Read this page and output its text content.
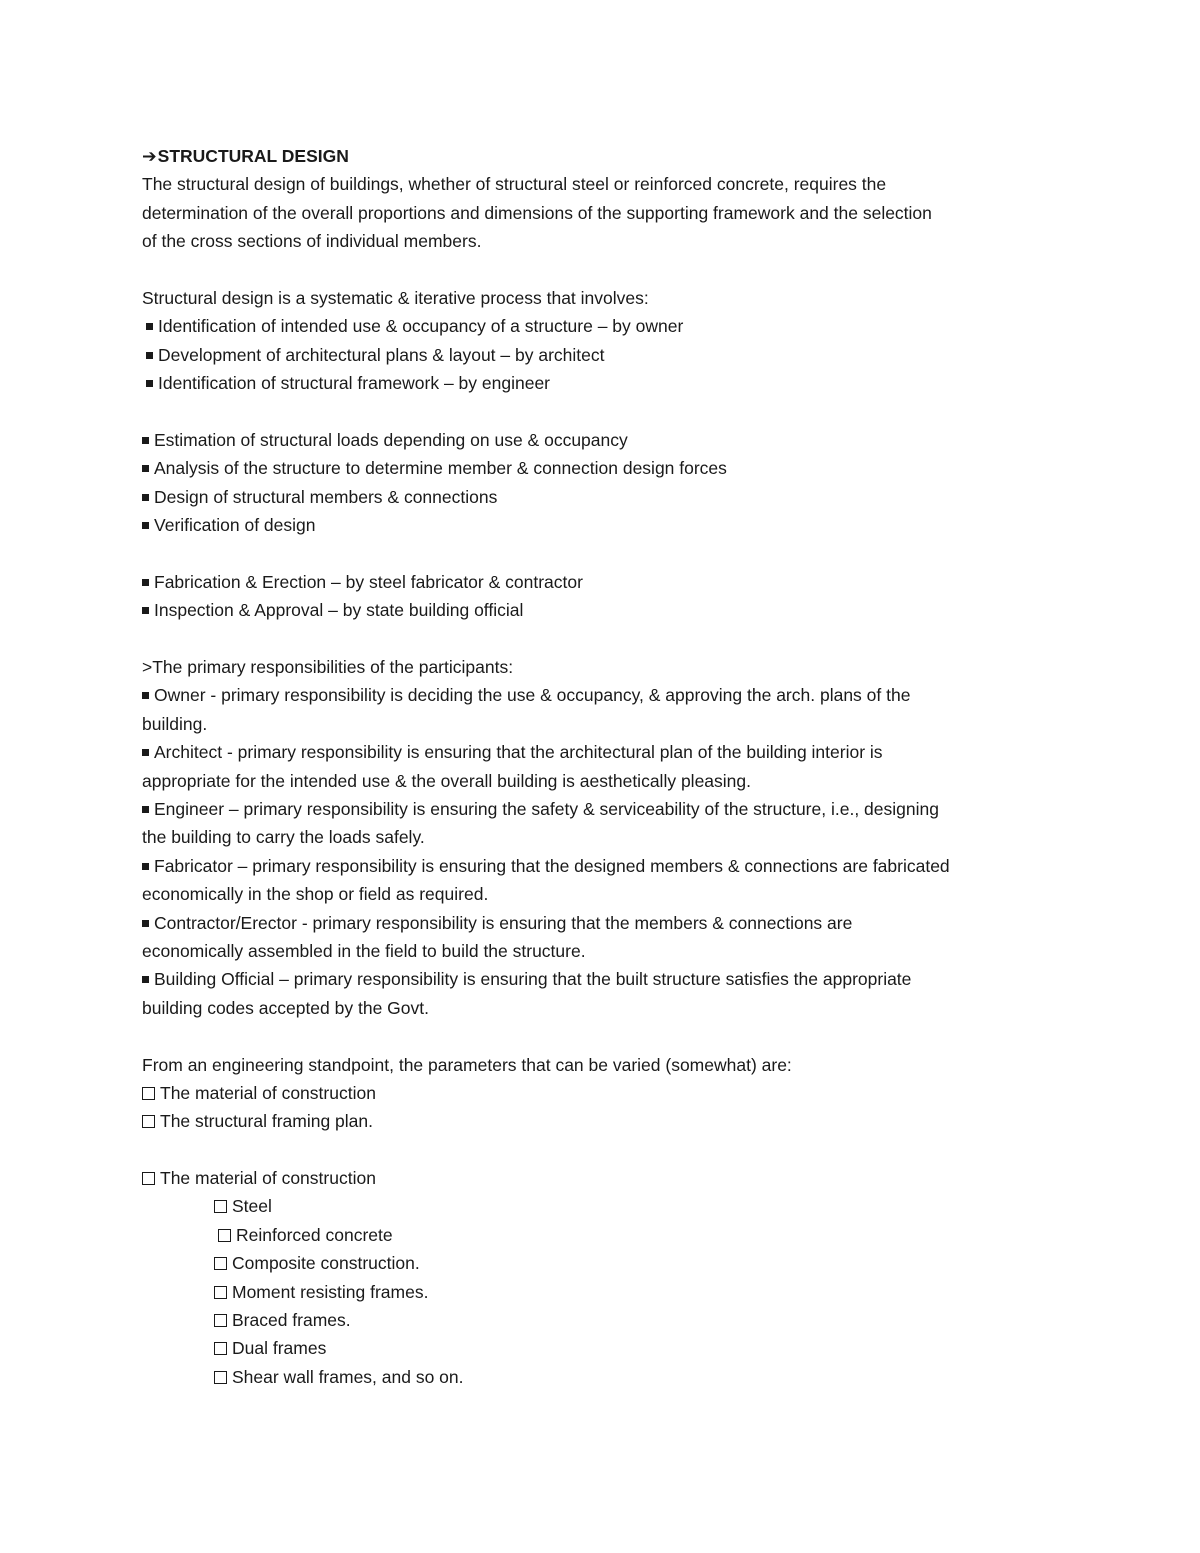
➔STRUCTURAL DESIGN
The structural design of buildings, whether of structural steel or reinforced concrete, requires the
determination of the overall proportions and dimensions of the supporting framework and the selection
of the cross sections of individual members.
Structural design is a systematic & iterative process that involves:
Identification of intended use & occupancy of a structure – by owner
Development of architectural plans & layout – by architect
Identification of structural framework – by engineer
Estimation of structural loads depending on use & occupancy
Analysis of the structure to determine member & connection design forces
Design of structural members & connections
Verification of design
Fabrication & Erection – by steel fabricator & contractor
Inspection & Approval – by state building official
>The primary responsibilities of the participants:
Owner - primary responsibility is deciding the use & occupancy, & approving the arch. plans of the
building.
Architect - primary responsibility is ensuring that the architectural plan of the building interior is
appropriate for the intended use & the overall building is aesthetically pleasing.
Engineer – primary responsibility is ensuring the safety & serviceability of the structure, i.e., designing
the building to carry the loads safely.
Fabricator – primary responsibility is ensuring that the designed members & connections are fabricated
economically in the shop or field as required.
Contractor/Erector - primary responsibility is ensuring that the members & connections are
economically assembled in the field to build the structure.
Building Official – primary responsibility is ensuring that the built structure satisfies the appropriate
building codes accepted by the Govt.
From an engineering standpoint, the parameters that can be varied (somewhat) are:
The material of construction
The structural framing plan.
The material of construction
Steel
Reinforced concrete
Composite construction.
Moment resisting frames.
Braced frames.
Dual frames
Shear wall frames, and so on.
